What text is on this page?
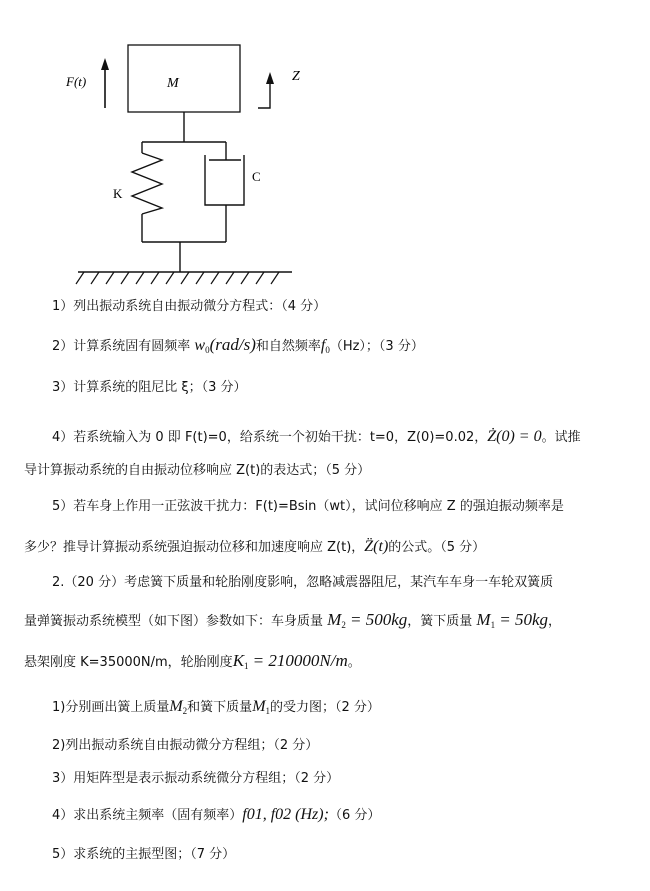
F(t)	M	Z
K
C
1）列出振动系统自由振动微分方程式：（4 分）
2）计算系统固有圆频率 $w_0(rad/s)$和自然频率$f_0(Hz)$；（3 分）
3）计算系统的阻尼比 ξ；（3 分）
4）若系统输入为 0 即 F(t)=0，给系统一个初始干扰：t=0，Z(0)=0.02，Ż(0) = 0。试推
导计算振动系统的自由振动位移响应 Z(t)的表达式；（5 分）
5）若车身上作用一正弦波干扰力：F(t)=Bsin（wt），试问位移响应 Z 的强迫振动频率是
多少？推导计算振动系统强迫振动位移和加速度响应 Z(t)，Z̈(t)的公式。（5 分）
2.（20 分）考虑簧下质量和轮胎刚度影响，忽略减震器阻尼，某汽车车身一车轮双簧质
量弹簧振动系统模型（如下图）参数如下：车身质量 $M_2 = 500kg$，簧下质量 $M_1 = 50kg$，
悬架刚度 K=35000N/m，轮胎刚度$K_1 = 210000N/m$。
1)分别画出簧上质量$M_2$和簧下质量$M_1$的受力图；（2 分）
2)列出振动系统自由振动微分方程组；（2 分）
3）用矩阵型是表示振动系统微分方程组；（2 分）
4）求出系统主频率（固有频率）f01, f02 (Hz);（6 分）
5）求系统的主振型图；（7 分）
